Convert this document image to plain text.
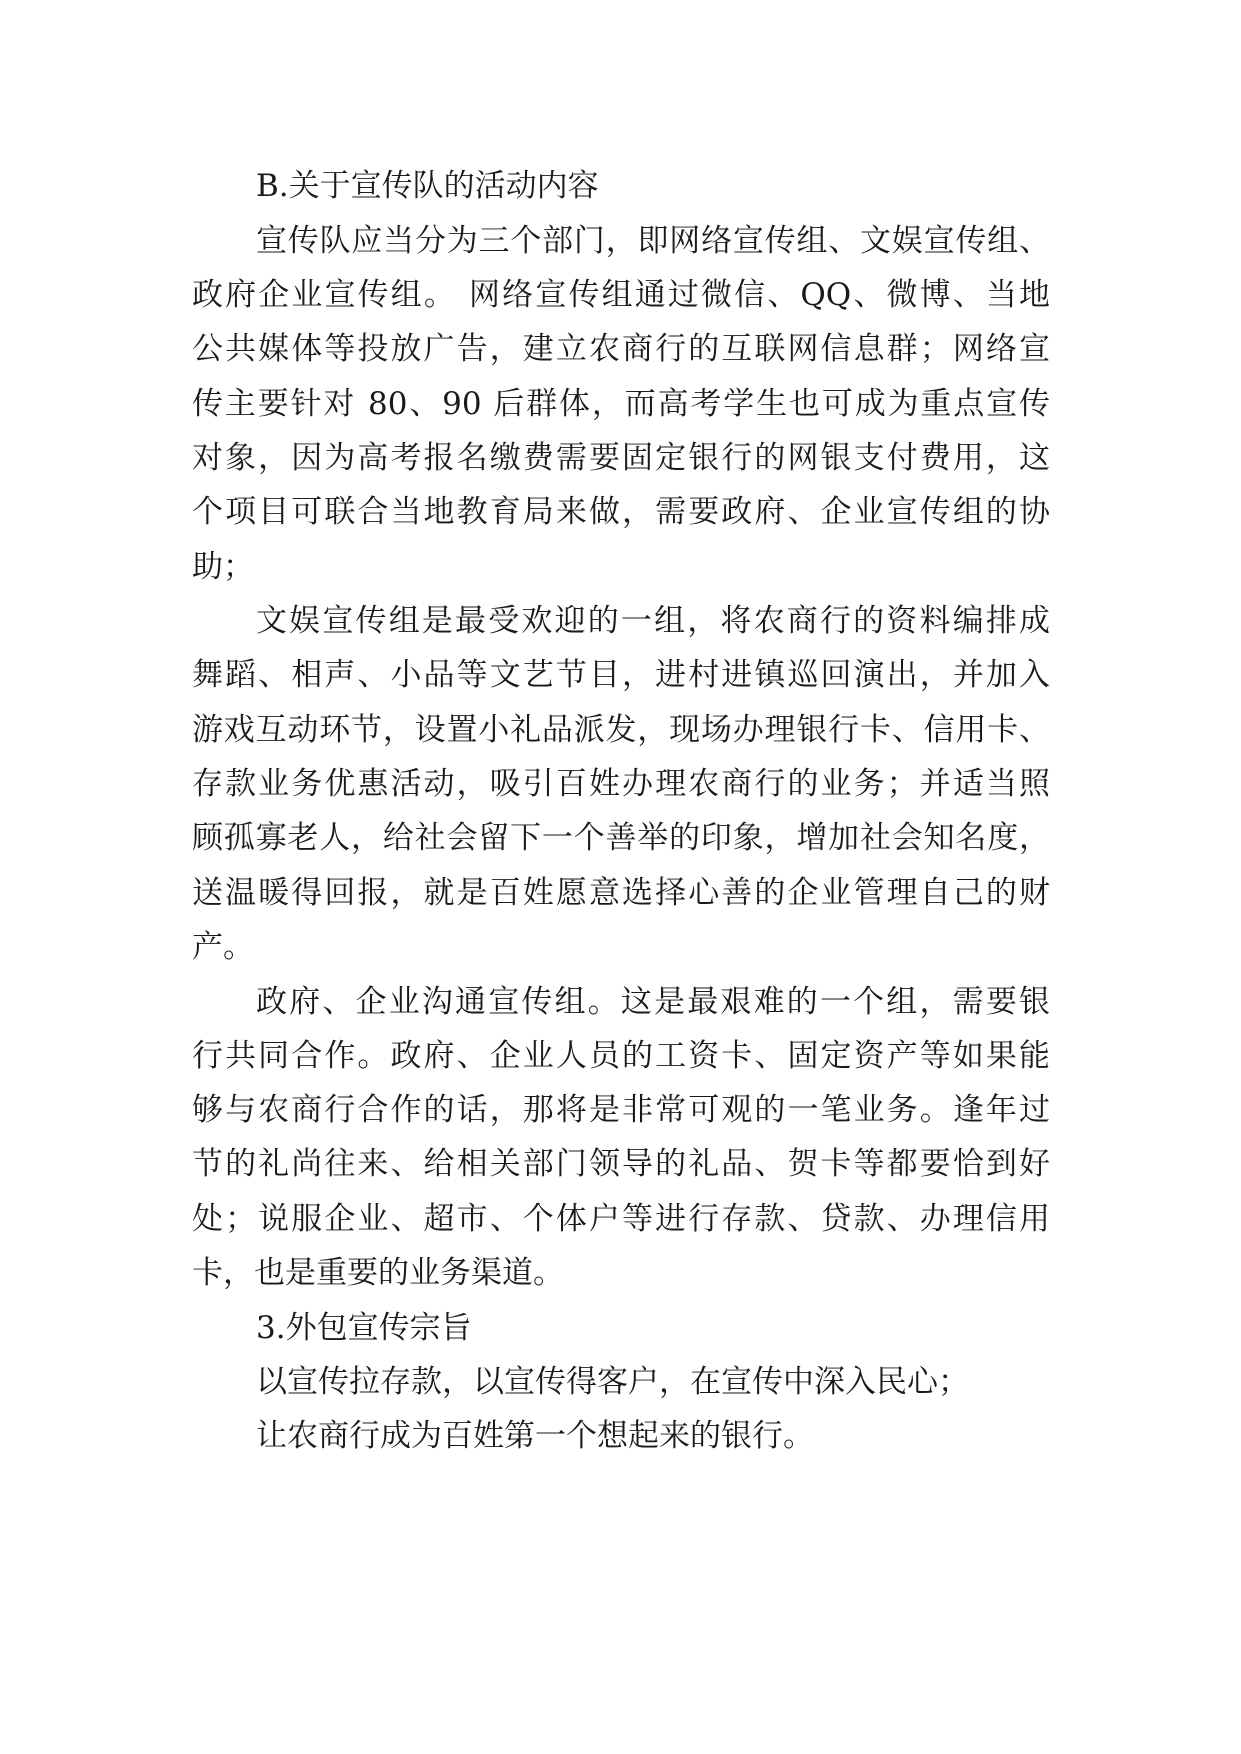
B.关于宣传队的活动内容

宣传队应当分为三个部门，即网络宣传组、文娱宣传组、

政府企业宣传组。 网络宣传组通过微信、QQ、微博、当地

公共媒体等投放广告，建立农商行的互联网信息群；网络宣

传主要针对 80、90 后群体，而高考学生也可成为重点宣传

对象，因为高考报名缴费需要固定银行的网银支付费用，这

个项目可联合当地教育局来做，需要政府、企业宣传组的协

助；

文娱宣传组是最受欢迎的一组，将农商行的资料编排成

舞蹈、相声、小品等文艺节目，进村进镇巡回演出，并加入

游戏互动环节，设置小礼品派发，现场办理银行卡、信用卡、

存款业务优惠活动，吸引百姓办理农商行的业务；并适当照

顾孤寡老人，给社会留下一个善举的印象，增加社会知名度，

送温暖得回报，就是百姓愿意选择心善的企业管理自己的财

产。

政府、企业沟通宣传组。这是最艰难的一个组，需要银

行共同合作。政府、企业人员的工资卡、固定资产等如果能

够与农商行合作的话，那将是非常可观的一笔业务。逢年过

节的礼尚往来、给相关部门领导的礼品、贺卡等都要恰到好

处；说服企业、超市、个体户等进行存款、贷款、办理信用

卡，也是重要的业务渠道。

3.外包宣传宗旨

以宣传拉存款，以宣传得客户，在宣传中深入民心；

让农商行成为百姓第一个想起来的银行。
